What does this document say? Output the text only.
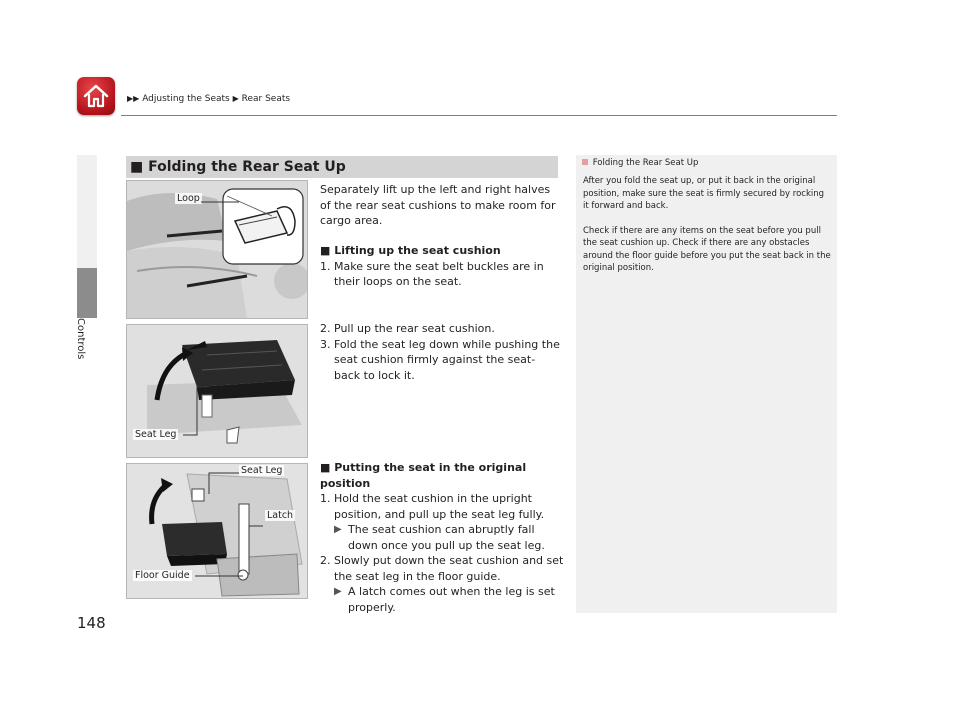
▶▶ Adjusting the Seats ▶ Rear Seats
Controls
148
■ Folding the Rear Seat Up
Loop
Seat Leg
Seat Leg
Latch
Floor Guide
Separately lift up the left and right halves of the rear seat cushions to make room for cargo area.
■ Lifting up the seat cushion
1. Make sure the seat belt buckles are in their loops on the seat.
2. Pull up the rear seat cushion.
3. Fold the seat leg down while pushing the seat cushion firmly against the seat-back to lock it.
■ Putting the seat in the original position
1. Hold the seat cushion in the upright position, and pull up the seat leg fully.
▶ The seat cushion can abruptly fall down once you pull up the seat leg.
2. Slowly put down the seat cushion and set the seat leg in the floor guide.
▶ A latch comes out when the leg is set properly.
Folding the Rear Seat Up

After you fold the seat up, or put it back in the original position, make sure the seat is firmly secured by rocking it forward and back.

Check if there are any items on the seat before you pull the seat cushion up. Check if there are any obstacles around the floor guide before you put the seat back in the original position.
